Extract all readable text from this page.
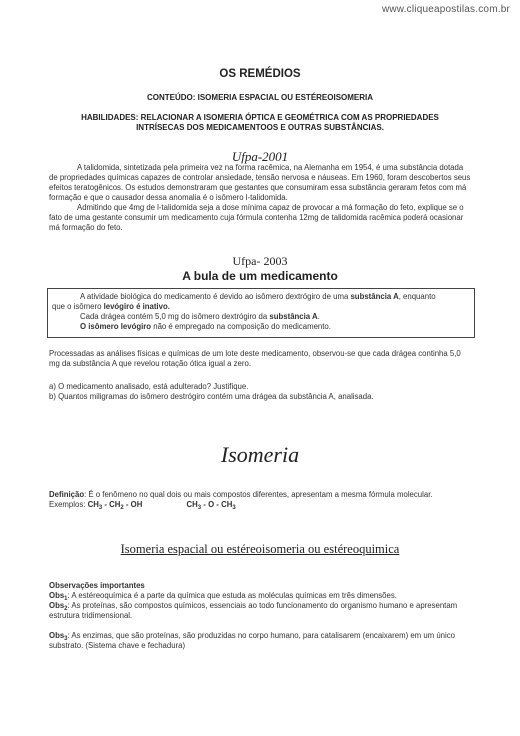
www.cliqueapostilas.com.br
OS REMÉDIOS
CONTEÚDO: ISOMERIA ESPACIAL OU ESTÉREOISOMERIA
HABILIDADES: RELACIONAR A ISOMERIA ÓPTICA E GEOMÉTRICA COM AS PROPRIEDADES INTRÍSECAS DOS MEDICAMENTOOS E OUTRAS SUBSTÂNCIAS.
Ufpa-2001

A talidomida, sintetizada pela primeira vez na forma racêmica, na Alemanha em 1954, é uma substância dotada de propriedades químicas capazes de controlar ansiedade, tensão nervosa e náuseas. Em 1960, foram descobertos seus efeitos teratogênicos. Os estudos demonstraram que gestantes que consumiram essa substância geraram fetos com má formação e que o causador dessa anomalia é o isômero l-talidomida.

Admitindo que 4mg de l-talidomida seja a dose mínima capaz de provocar a má formação do feto, explique se o fato de uma gestante consumir um medicamento cuja fórmula contenha 12mg de talidomida racêmica poderá ocasionar má formação do feto.

Ufpa- 2003
A bula de um medicamento

A atividade biológica do medicamento é devido ao isômero dextrógiro de uma substância A, enquanto

que o isômero levógiro é inativo.

Cada drágea contém 5,0 mg do isômero dextrógiro da substância A.

O isômero levógiro não é empregado na composição do medicamento.

Processadas as análises físicas e químicas de um lote deste medicamento, observou-se que cada drágea continha 5,0 mg da substância A que revelou rotação ótica igual a zero.
a) O medicamento analisado, está adulterado? Justifique.
b) Quantos miligramas do isômero destrógiro contém uma drágea da substância A, analisada.
Isomeria
Definição: É o fenômeno no qual dois ou mais compostos diferentes, apresentam a mesma fórmula molecular.
Exemplos: $CH_3 - CH_2$ - OH	$CH_3$ - O - $CH_3$
Isomeria espacial ou estéreoisomeria ou estéreoquimica
Observações importantes
Obs$_1$: A estéreoquímica é a parte da química que estuda as moléculas químicas em três dimensões.
Obs$_2$: As proteínas, são compostos químicos, essenciais ao todo funcionamento do organismo humano e apresentam estrutura tridimensional.
Obs$_3$: As enzimas, que são proteínas, são produzidas no corpo humano, para catalisarem (encaixarem) em um único substrato. (Sistema chave e fechadura)
